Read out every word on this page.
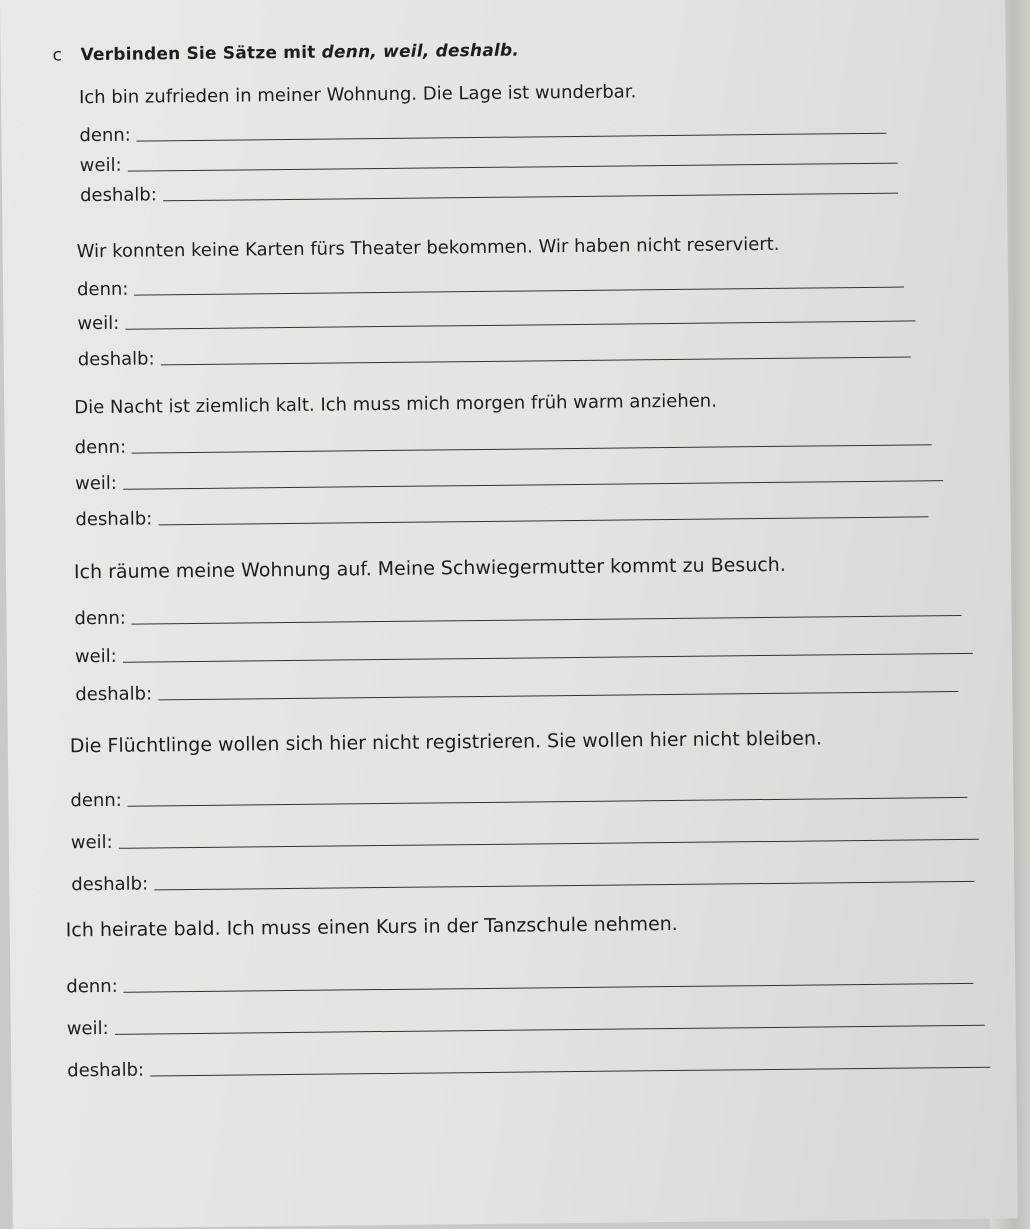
c Verbinden Sie Sätze mit denn, weil, deshalb.
Ich bin zufrieden in meiner Wohnung. Die Lage ist wunderbar.
denn:
weil:
deshalb:
Wir konnten keine Karten fürs Theater bekommen. Wir haben nicht reserviert.
denn:
weil:
deshalb:
Die Nacht ist ziemlich kalt. Ich muss mich morgen früh warm anziehen.
denn:
weil:
deshalb:
Ich räume meine Wohnung auf. Meine Schwiegermutter kommt zu Besuch.
denn:
weil:
deshalb:
Die Flüchtlinge wollen sich hier nicht registrieren. Sie wollen hier nicht bleiben.
denn:
weil:
deshalb:
Ich heirate bald. Ich muss einen Kurs in der Tanzschule nehmen.
denn:
weil:
deshalb:
